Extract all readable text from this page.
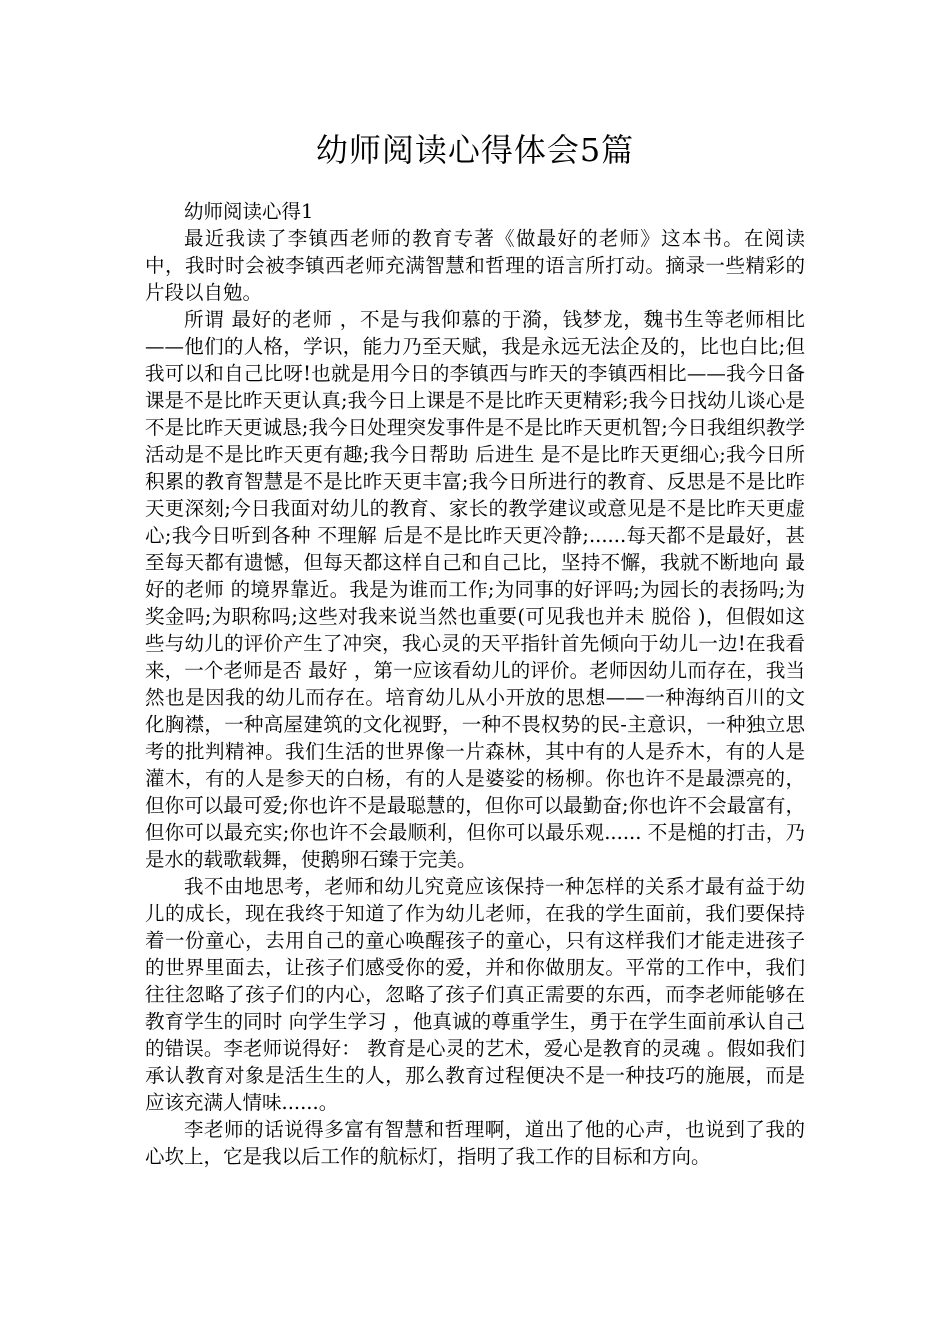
幼师阅读心得体会5篇

幼师阅读心得1

最近我读了李镇西老师的教育专著《做最好的老师》这本书。在阅读中，我时时会被李镇西老师充满智慧和哲理的语言所打动。摘录一些精彩的片段以自勉。

所谓 最好的老师 ，不是与我仰慕的于漪，钱梦龙，魏书生等老师相比——他们的人格，学识，能力乃至天赋，我是永远无法企及的，比也白比;但我可以和自己比呀!也就是用今日的李镇西与昨天的李镇西相比——我今日备课是不是比昨天更认真;我今日上课是不是比昨天更精彩;我今日找幼儿谈心是不是比昨天更诚恳;我今日处理突发事件是不是比昨天更机智;今日我组织教学活动是不是比昨天更有趣;我今日帮助 后进生 是不是比昨天更细心;我今日所积累的教育智慧是不是比昨天更丰富;我今日所进行的教育、反思是不是比昨天更深刻;今日我面对幼儿的教育、家长的教学建议或意见是不是比昨天更虚心;我今日听到各种 不理解 后是不是比昨天更冷静;......每天都不是最好，甚至每天都有遗憾，但每天都这样自己和自己比，坚持不懈，我就不断地向 最好的老师 的境界靠近。我是为谁而工作;为同事的好评吗;为园长的表扬吗;为奖金吗;为职称吗;这些对我来说当然也重要(可见我也并未 脱俗 )，但假如这些与幼儿的评价产生了冲突，我心灵的天平指针首先倾向于幼儿一边!在我看来，一个老师是否 最好 ，第一应该看幼儿的评价。老师因幼儿而存在，我当然也是因我的幼儿而存在。培育幼儿从小开放的思想——一种海纳百川的文化胸襟，一种高屋建筑的文化视野，一种不畏权势的民-主意识，一种独立思考的批判精神。我们生活的世界像一片森林，其中有的人是乔木，有的人是灌木，有的人是参天的白杨，有的人是婆娑的杨柳。你也许不是最漂亮的，但你可以最可爱;你也许不是最聪慧的，但你可以最勤奋;你也许不会最富有，但你可以最充实;你也许不会最顺利，但你可以最乐观...... 不是槌的打击，乃是水的载歌载舞，使鹅卵石臻于完美。

我不由地思考，老师和幼儿究竟应该保持一种怎样的关系才最有益于幼儿的成长，现在我终于知道了作为幼儿老师，在我的学生面前，我们要保持着一份童心，去用自己的童心唤醒孩子的童心，只有这样我们才能走进孩子的世界里面去，让孩子们感受你的爱，并和你做朋友。平常的工作中，我们往往忽略了孩子们的内心，忽略了孩子们真正需要的东西，而李老师能够在教育学生的同时 向学生学习 ，他真诚的尊重学生，勇于在学生面前承认自己的错误。李老师说得好： 教育是心灵的艺术，爱心是教育的灵魂 。假如我们承认教育对象是活生生的人，那么教育过程便决不是一种技巧的施展，而是应该充满人情味......。

李老师的话说得多富有智慧和哲理啊，道出了他的心声，也说到了我的心坎上，它是我以后工作的航标灯，指明了我工作的目标和方向。
